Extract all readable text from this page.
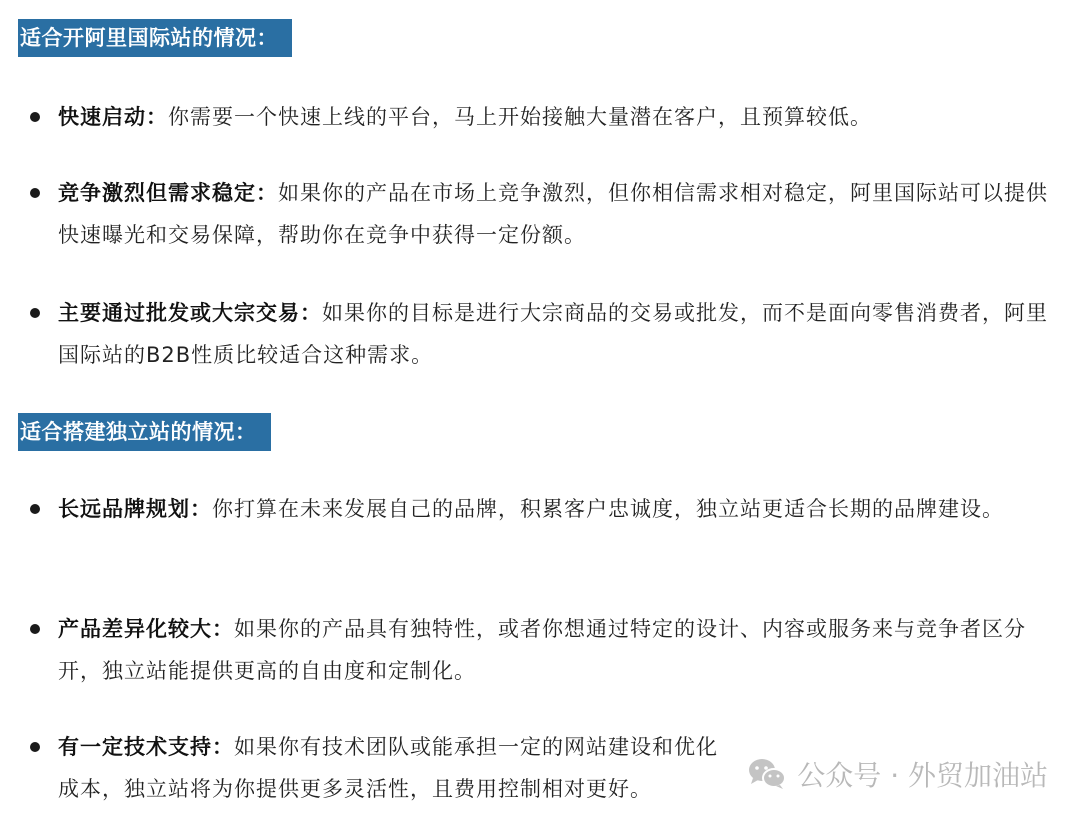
适合开阿里国际站的情况：
快速启动：你需要一个快速上线的平台，马上开始接触大量潜在客户，且预算较低。
竞争激烈但需求稳定：如果你的产品在市场上竞争激烈，但你相信需求相对稳定，阿里国际站可以提供快速曝光和交易保障，帮助你在竞争中获得一定份额。
主要通过批发或大宗交易：如果你的目标是进行大宗商品的交易或批发，而不是面向零售消费者，阿里国际站的B2B性质比较适合这种需求。
适合搭建独立站的情况：
长远品牌规划：你打算在未来发展自己的品牌，积累客户忠诚度，独立站更适合长期的品牌建设。
产品差异化较大：如果你的产品具有独特性，或者你想通过特定的设计、内容或服务来与竞争者区分开，独立站能提供更高的自由度和定制化。
有一定技术支持：如果你有技术团队或能承担一定的网站建设和优化成本，独立站将为你提供更多灵活性，且费用控制相对更好。	公众号 · 外贸加油站
